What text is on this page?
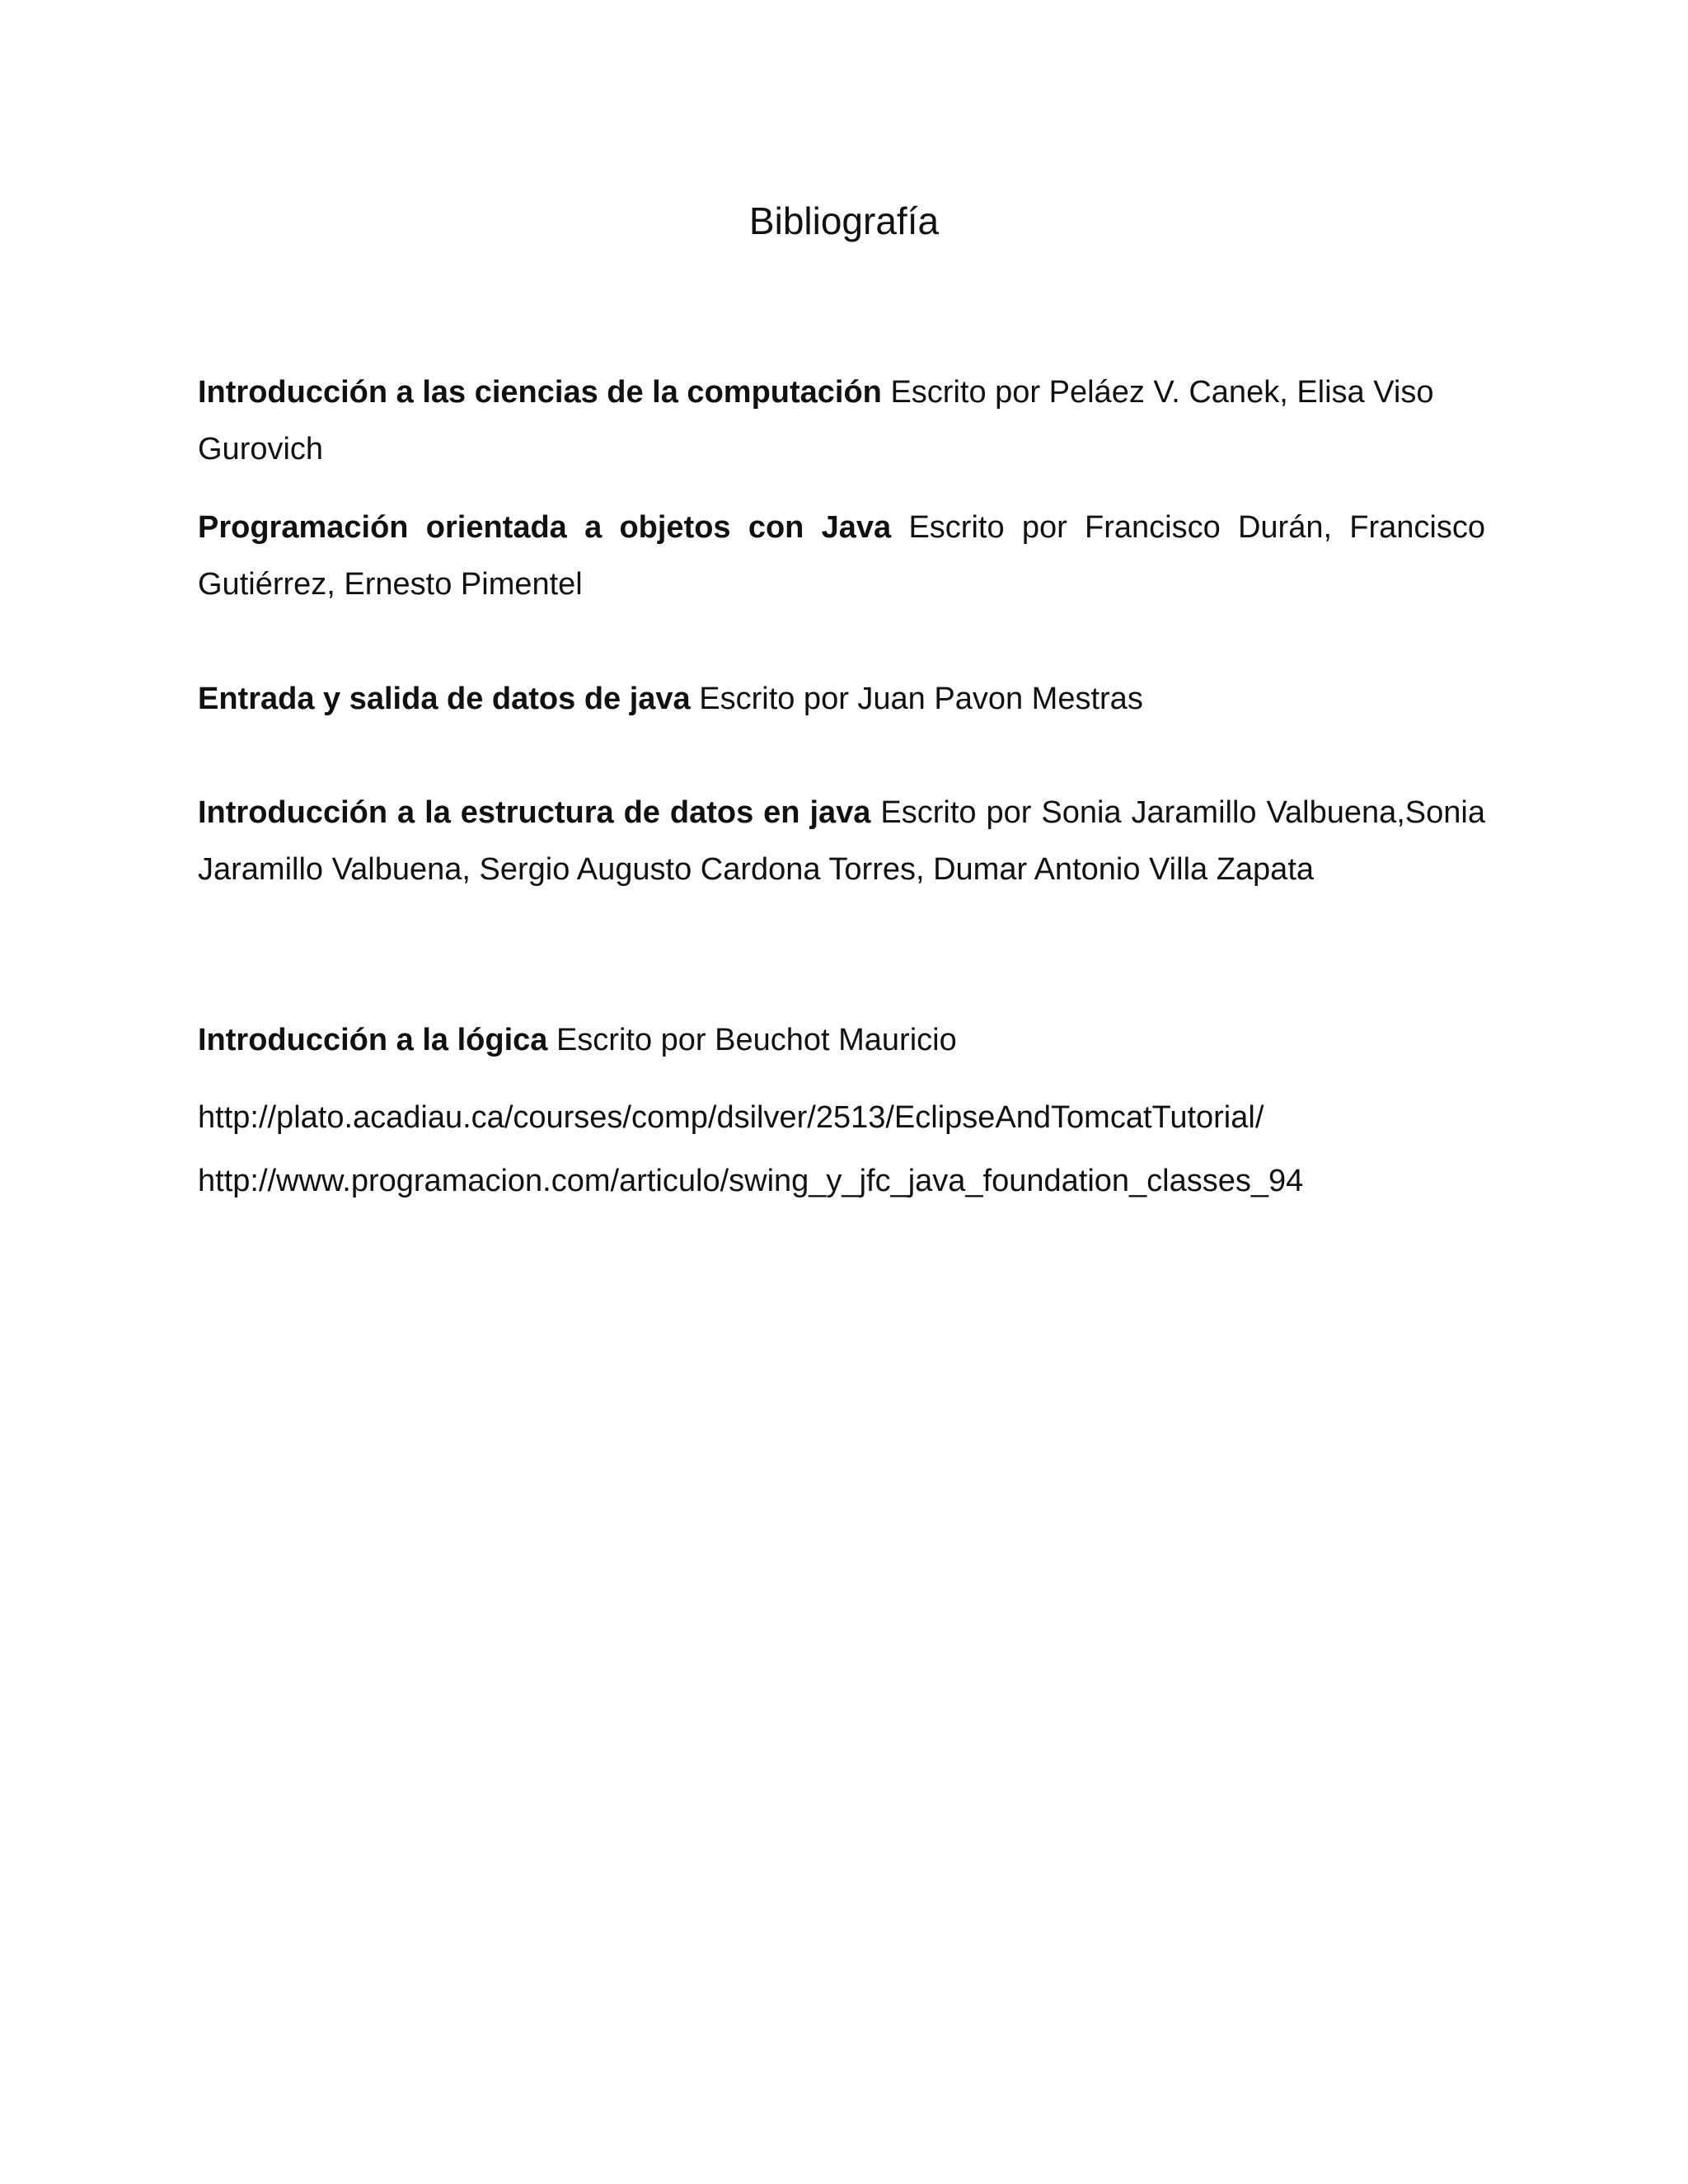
Bibliografía

Introducción a las ciencias de la computación Escrito por Peláez V. Canek, Elisa Viso Gurovich

Programación orientada a objetos con Java Escrito por Francisco Durán, Francisco Gutiérrez, Ernesto Pimentel

Entrada y salida de datos de java Escrito por Juan Pavon Mestras

Introducción a la estructura de datos en java Escrito por Sonia Jaramillo Valbuena,Sonia Jaramillo Valbuena, Sergio Augusto Cardona Torres, Dumar Antonio Villa Zapata

Introducción a la lógica Escrito por Beuchot Mauricio

http://plato.acadiau.ca/courses/comp/dsilver/2513/EclipseAndTomcatTutorial/

http://www.programacion.com/articulo/swing_y_jfc_java_foundation_classes_94
